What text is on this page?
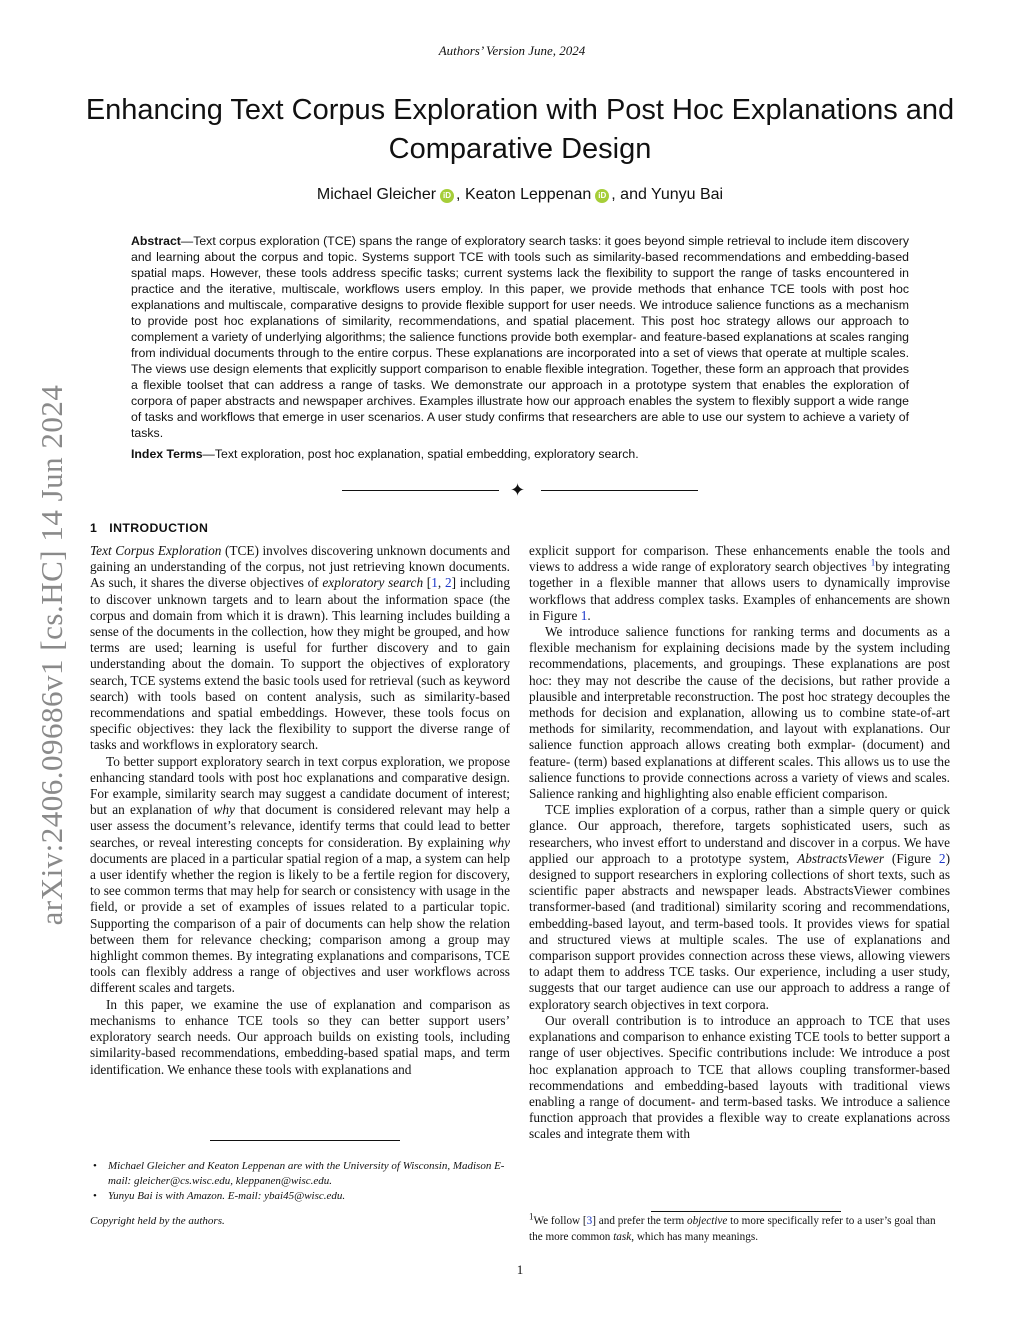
Authors’ Version June, 2024
arXiv:2406.09686v1 [cs.HC] 14 Jun 2024
Enhancing Text Corpus Exploration with Post Hoc Explanations and Comparative Design
Michael Gleicher iD , Keaton Leppenan iD , and Yunyu Bai

Abstract—Text corpus exploration (TCE) spans the range of exploratory search tasks: it goes beyond simple retrieval to include item discovery and learning about the corpus and topic. Systems support TCE with tools such as similarity-based recommendations and embedding-based spatial maps. However, these tools address specific tasks; current systems lack the flexibility to support the range of tasks encountered in practice and the iterative, multiscale, workflows users employ. In this paper, we provide methods that enhance TCE tools with post hoc explanations and multiscale, comparative designs to provide flexible support for user needs. We introduce salience functions as a mechanism to provide post hoc explanations of similarity, recommendations, and spatial placement. This post hoc strategy allows our approach to complement a variety of underlying algorithms; the salience functions provide both exemplar- and feature-based explanations at scales ranging from individual documents through to the entire corpus. These explanations are incorporated into a set of views that operate at multiple scales. The views use design elements that explicitly support comparison to enable flexible integration. Together, these form an approach that provides a flexible toolset that can address a range of tasks. We demonstrate our approach in a prototype system that enables the exploration of corpora of paper abstracts and newspaper archives. Examples illustrate how our approach enables the system to flexibly support a wide range of tasks and workflows that emerge in user scenarios. A user study confirms that researchers are able to use our system to achieve a variety of tasks.

Index Terms—Text exploration, post hoc explanation, spatial embedding, exploratory search.

✦
1 INTRODUCTION

Text Corpus Exploration (TCE) involves discovering unknown documents and gaining an understanding of the corpus, not just retrieving known documents. As such, it shares the diverse objectives of exploratory search [1, 2] including to discover unknown targets and to learn about the information space (the corpus and domain from which it is drawn). This learning includes building a sense of the documents in the collection, how they might be grouped, and how terms are used; learning is useful for further discovery and to gain understanding about the domain. To support the objectives of exploratory search, TCE systems extend the basic tools used for retrieval (such as keyword search) with tools based on content analysis, such as similarity-based recommendations and spatial embeddings. However, these tools focus on specific objectives: they lack the flexibility to support the diverse range of tasks and workflows in exploratory search.

To better support exploratory search in text corpus exploration, we propose enhancing standard tools with post hoc explanations and comparative design. For example, similarity search may suggest a candidate document of interest; but an explanation of why that document is considered relevant may help a user assess the document’s relevance, identify terms that could lead to better searches, or reveal interesting concepts for consideration. By explaining why documents are placed in a particular spatial region of a map, a system can help a user identify whether the region is likely to be a fertile region for discovery, to see common terms that may help for search or consistency with usage in the field, or provide a set of examples of issues related to a particular topic. Supporting the comparison of a pair of documents can help show the relation between them for relevance checking; comparison among a group may highlight common themes. By integrating explanations and comparisons, TCE tools can flexibly address a range of objectives and user workflows across different scales and targets.

In this paper, we examine the use of explanation and comparison as mechanisms to enhance TCE tools so they can better support users’ exploratory search needs. Our approach builds on existing tools, including similarity-based recommendations, embedding-based spatial maps, and term identification. We enhance these tools with explanations and

explicit support for comparison. These enhancements enable the tools and views to address a wide range of exploratory search objectives $^1$by integrating together in a flexible manner that allows users to dynamically improvise workflows that address complex tasks. Examples of enhancements are shown in Figure 1.

We introduce salience functions for ranking terms and documents as a flexible mechanism for explaining decisions made by the system including recommendations, placements, and groupings. These explanations are post hoc: they may not describe the cause of the decisions, but rather provide a plausible and interpretable reconstruction. The post hoc strategy decouples the methods for decision and explanation, allowing us to combine state-of-art methods for similarity, recommendation, and layout with explanations. Our salience function approach allows creating both exmplar- (document) and feature- (term) based explanations at different scales. This allows us to use the salience functions to provide connections across a variety of views and scales. Salience ranking and highlighting also enable efficient comparison.

TCE implies exploration of a corpus, rather than a simple query or quick glance. Our approach, therefore, targets sophisticated users, such as researchers, who invest effort to understand and discover in a corpus. We have applied our approach to a prototype system, AbstractsViewer (Figure 2) designed to support researchers in exploring collections of short texts, such as scientific paper abstracts and newspaper leads. AbstractsViewer combines transformer-based (and traditional) similarity scoring and recommendations, embedding-based layout, and term-based tools. It provides views for spatial and structured views at multiple scales. The use of explanations and comparison support provides connection across these views, allowing viewers to adapt them to address TCE tasks. Our experience, including a user study, suggests that our target audience can use our approach to address a range of exploratory search objectives in text corpora.

Our overall contribution is to introduce an approach to TCE that uses explanations and comparison to enhance existing TCE tools to better support a range of user objectives. Specific contributions include: We introduce a post hoc explanation approach to TCE that allows coupling transformer-based recommendations and embedding-based layouts with traditional views enabling a range of document- and term-based tasks. We introduce a salience function approach that provides a flexible way to create explanations across scales and integrate them with

• Michael Gleicher and Keaton Leppenan are with the University of Wisconsin, Madison E-mail: gleicher@cs.wisc.edu, kleppanen@wisc.edu.
• Yunyu Bai is with Amazon. E-mail: ybai45@wisc.edu.
Copyright held by the authors.	$^1$We follow [3] and prefer the term objective to more specifically refer to a user’s goal than the more common task, which has many meanings.

1
